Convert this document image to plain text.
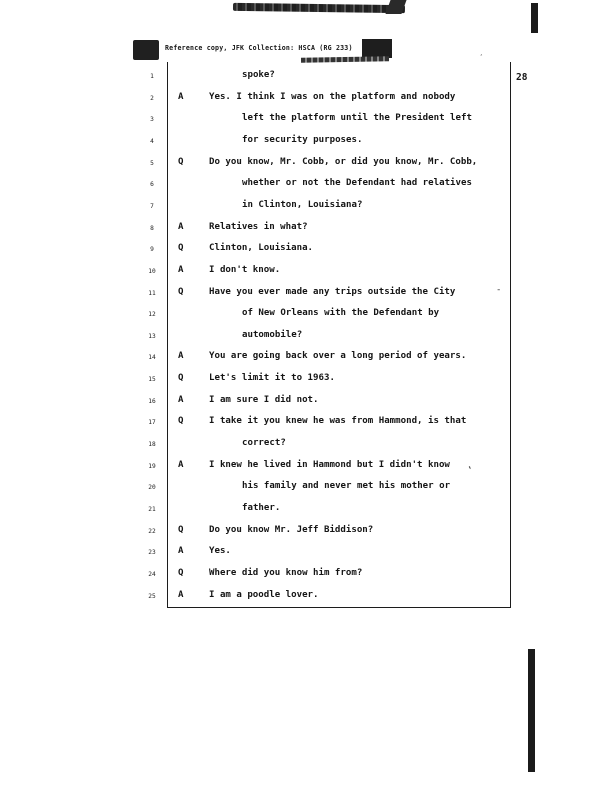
Reference copy, JFK Collection: HSCA (RG 233)	˰
28
1	spoke?
2	A	Yes. I think I was on the platform and nobody
3	left the platform until the President left
4	for security purposes.
5	Q	Do you know, Mr. Cobb, or did you know, Mr. Cobb,
6	whether or not the Defendant had relatives
7	in Clinton, Louisiana?
8	A	Relatives in what?
9	Q	Clinton, Louisiana.
10	A	I don't know.
11	Q	Have you ever made any trips outside the City
12	of New Orleans with the Defendant by
13	automobile?
14	A	You are going back over a long period of years.
15	Q	Let's limit it to 1963.
16	A	I am sure I did not.
17	Q	I take it you knew he was from Hammond, is that
18	correct?
19	A	I knew he lived in Hammond but I didn't know
20	his family and never met his mother or
21	father.
22	Q	Do you know Mr. Jeff Biddison?
23	A	Yes.
24	Q	Where did you know him from?
25	A	I am a poodle lover.
-
,
